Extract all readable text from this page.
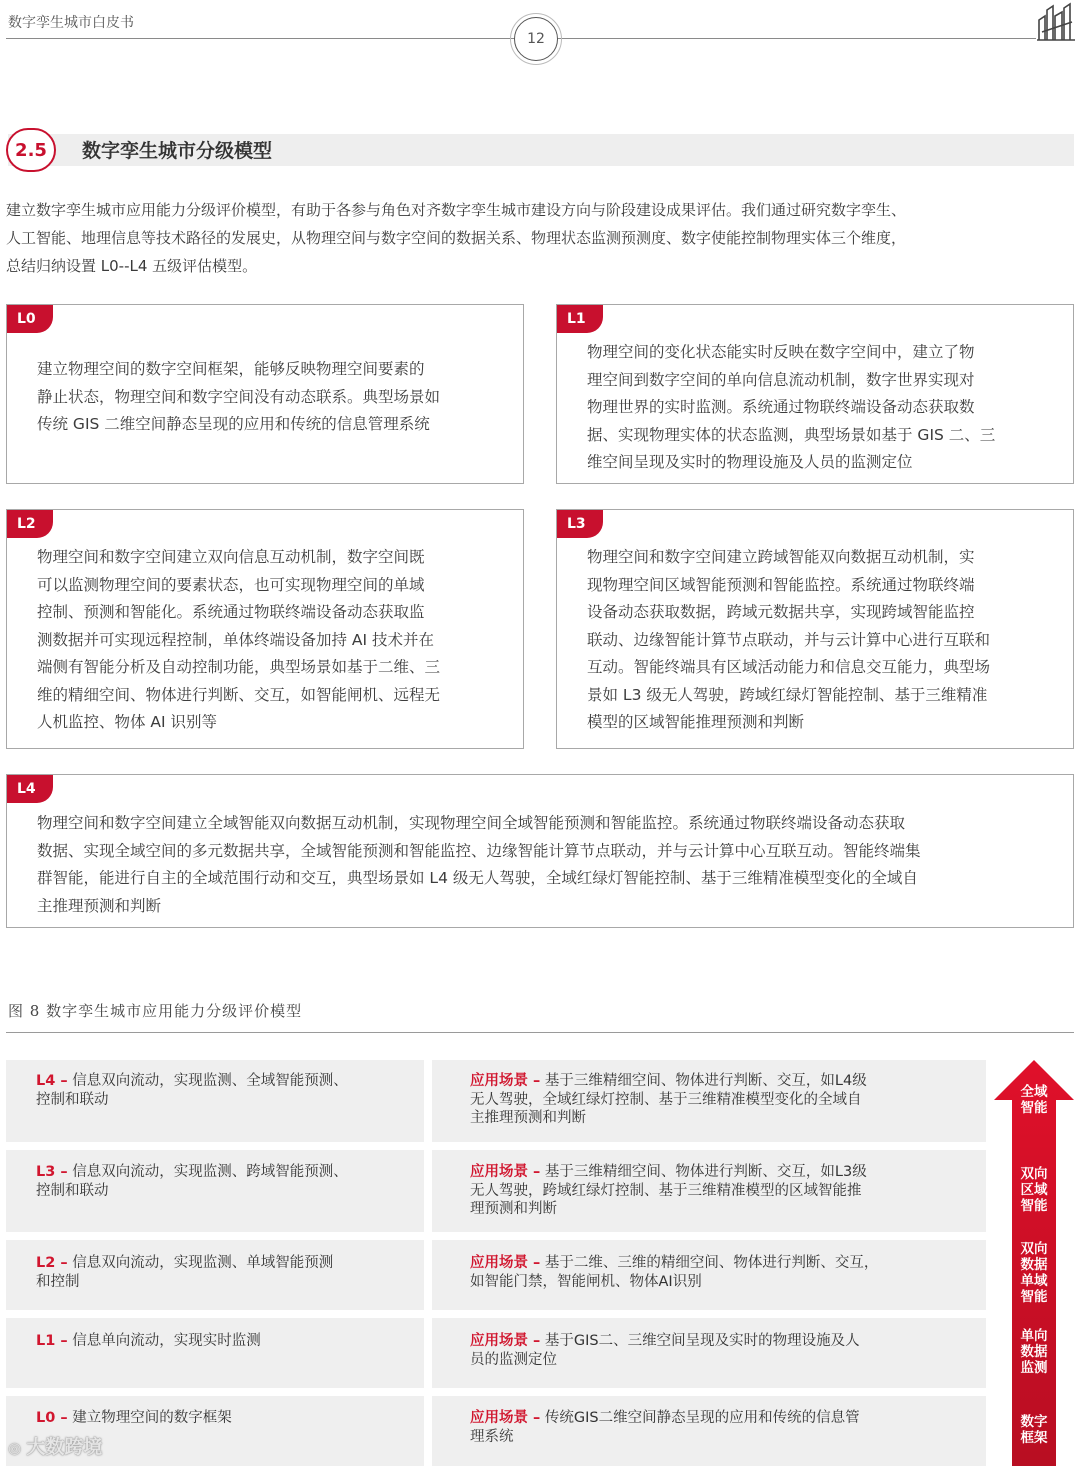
数字孪生城市白皮书
12
2.5 数字孪生城市分级模型
建立数字孪生城市应用能力分级评价模型，有助于各参与角色对齐数字孪生城市建设方向与阶段建设成果评估。我们通过研究数字孪生、
人工智能、地理信息等技术路径的发展史，从物理空间与数字空间的数据关系、物理状态监测预测度、数字使能控制物理实体三个维度，
总结归纳设置 L0--L4 五级评估模型。
L0
建立物理空间的数字空间框架，能够反映物理空间要素的
静止状态，物理空间和数字空间没有动态联系。典型场景如
传统 GIS 二维空间静态呈现的应用和传统的信息管理系统
L1
物理空间的变化状态能实时反映在数字空间中，建立了物
理空间到数字空间的单向信息流动机制，数字世界实现对
物理世界的实时监测。系统通过物联终端设备动态获取数
据、实现物理实体的状态监测，典型场景如基于 GIS 二、三
维空间呈现及实时的物理设施及人员的监测定位
L2
物理空间和数字空间建立双向信息互动机制，数字空间既
可以监测物理空间的要素状态，也可实现物理空间的单域
控制、预测和智能化。系统通过物联终端设备动态获取监
测数据并可实现远程控制，单体终端设备加持 AI 技术并在
端侧有智能分析及自动控制功能，典型场景如基于二维、三
维的精细空间、物体进行判断、交互，如智能闸机、远程无
人机监控、物体 AI 识别等
L3
物理空间和数字空间建立跨域智能双向数据互动机制，实
现物理空间区域智能预测和智能监控。系统通过物联终端
设备动态获取数据，跨域元数据共享，实现跨域智能监控
联动、边缘智能计算节点联动，并与云计算中心进行互联和
互动。智能终端具有区域活动能力和信息交互能力，典型场
景如 L3 级无人驾驶，跨域红绿灯智能控制、基于三维精准
模型的区域智能推理预测和判断
L4
物理空间和数字空间建立全域智能双向数据互动机制，实现物理空间全域智能预测和智能监控。系统通过物联终端设备动态获取
数据、实现全域空间的多元数据共享，全域智能预测和智能监控、边缘智能计算节点联动，并与云计算中心互联互动。智能终端集
群智能，能进行自主的全域范围行动和交互，典型场景如 L4 级无人驾驶，全域红绿灯智能控制、基于三维精准模型变化的全域自
主推理预测和判断
图 8 数字孪生城市应用能力分级评价模型
L4 – 信息双向流动，实现监测、全域智能预测、
控制和联动
应用场景 – 基于三维精细空间、物体进行判断、交互，如L4级
无人驾驶，全域红绿灯控制、基于三维精准模型变化的全域自
主推理预测和判断
L3 – 信息双向流动，实现监测、跨域智能预测、
控制和联动
应用场景 – 基于三维精细空间、物体进行判断、交互，如L3级
无人驾驶，跨域红绿灯控制、基于三维精准模型的区域智能推
理预测和判断
L2 – 信息双向流动，实现监测、单域智能预测
和控制
应用场景 – 基于二维、三维的精细空间、物体进行判断、交互，
如智能门禁，智能闸机、物体AI识别
L1 – 信息单向流动，实现实时监测	应用场景 – 基于GIS二、三维空间呈现及实时的物理设施及人
员的监测定位
L0 – 建立物理空间的数字框架	应用场景 – 传统GIS二维空间静态呈现的应用和传统的信息管
理系统
全域
智能
双向
区域
智能
双向
数据
单域
智能
单向
数据
监测
数字
框架
◎ 大数跨境
